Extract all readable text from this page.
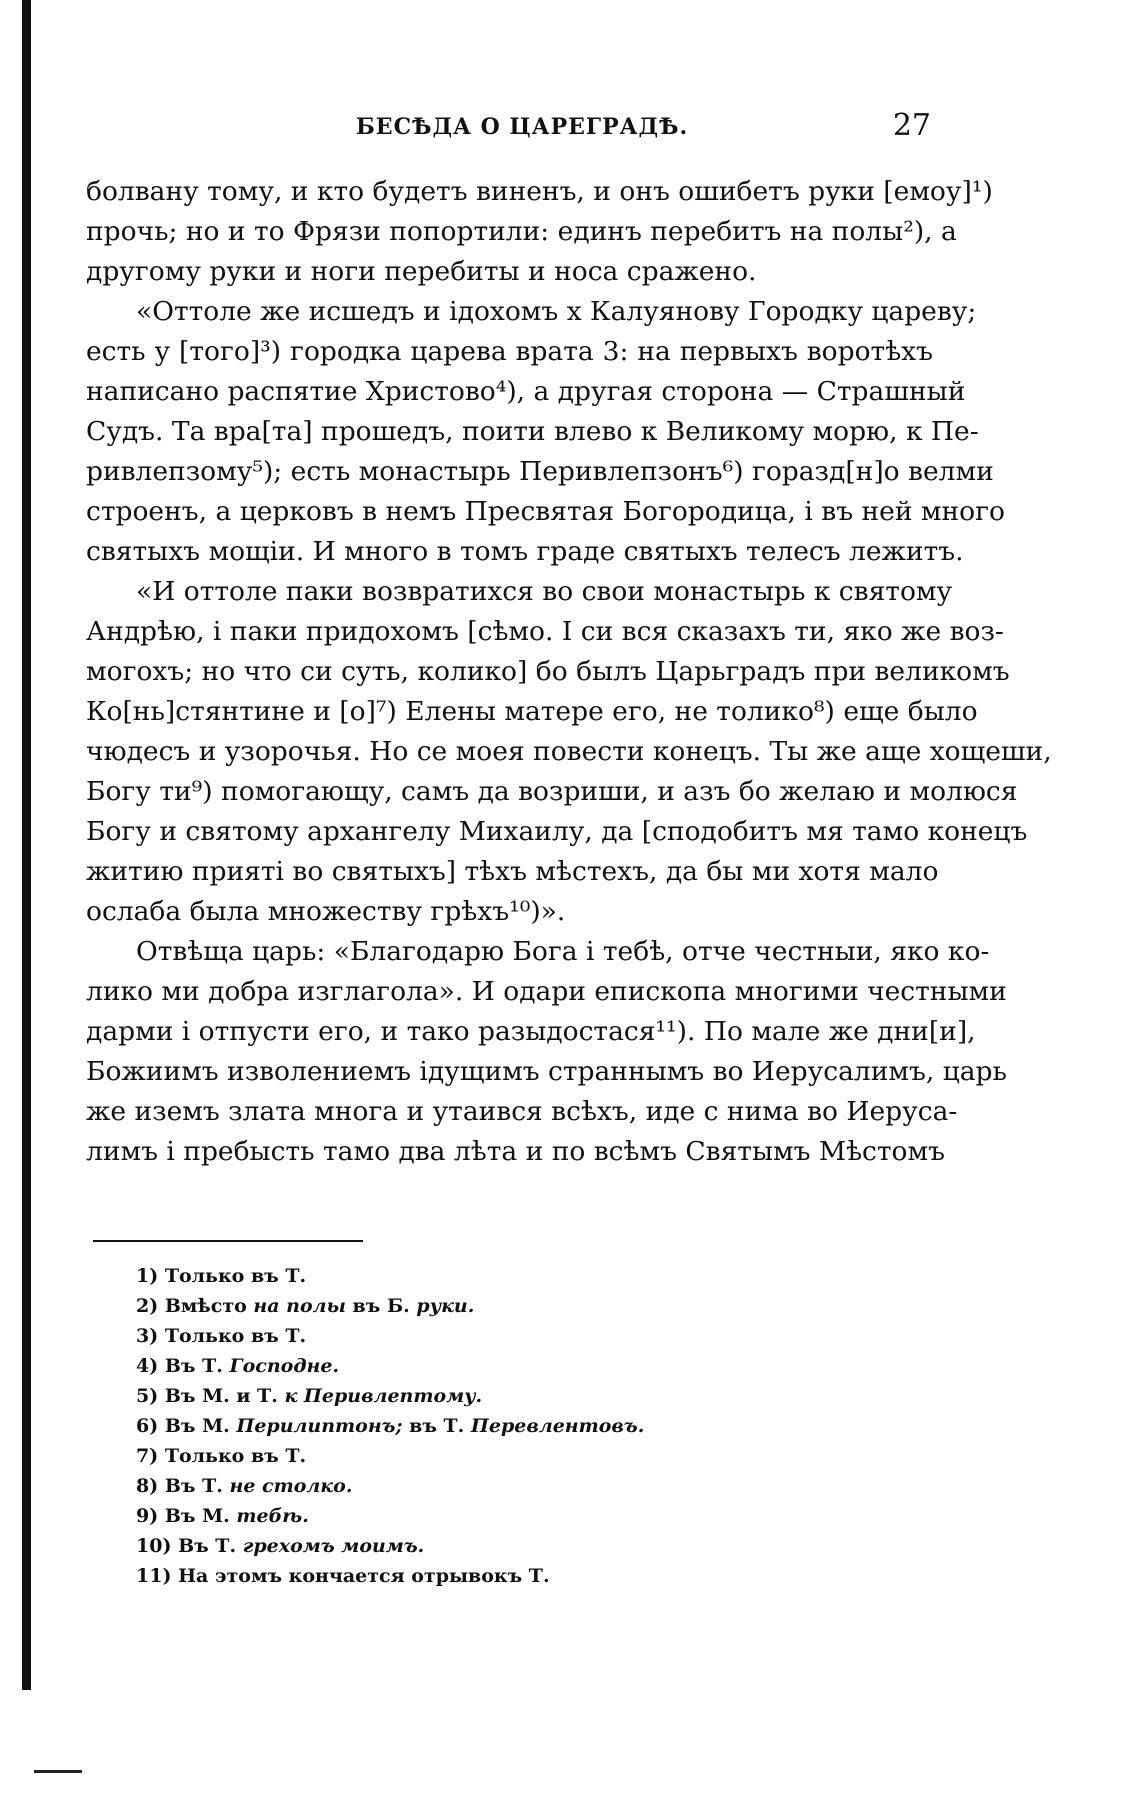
БЕСѢДА О ЦАРЕГРАДѢ.	27
болвану тому, и кто будетъ виненъ, и онъ ошибетъ руки [емоу]¹)
прочь; но и то Фрязи попортили: единъ перебитъ на полы²), а
другому руки и ноги перебиты и носа сражено.
«Оттоле же исшедъ и ідохомъ х Калуянову Городку цареву;
есть у [того]³) городка царева врата 3: на первыхъ воротѣхъ
написано распятие Христово⁴), а другая сторона — Страшный
Судъ. Та вра[та] прошедъ, поити влево к Великому морю, к Пе-
ривлепзому⁵); есть монастырь Перивлепзонъ⁶) горазд[н]о велми
строенъ, а церковъ в немъ Пресвятая Богородица, і въ ней много
святыхъ мощіи. И много в томъ граде святыхъ телесъ лежитъ.
«И оттоле паки возвратихся во свои монастырь к святому
Андрѣю, і паки придохомъ [сѣмо. І си вся сказахъ ти, яко же воз-
могохъ; но что си суть, колико] бо былъ Царьградъ при великомъ
Ко[нь]стянтине и [о]⁷) Елены матере его, не толико⁸) еще было
чюдесъ и узорочья. Но се моея повести конецъ. Ты же аще хощеши,
Богу ти⁹) помогающу, самъ да возриши, и азъ бо желаю и молюся
Богу и святому архангелу Михаилу, да [сподобитъ мя тамо конецъ
житию приятi во святыхъ] тѣхъ мѣстехъ, да бы ми хотя мало
ослаба была множеству грѣхъ¹⁰)».
Отвѣща царь: «Благодарю Бога і тебѣ, отче честныи, яко ко-
лико ми добра изглагола». И одари епископа многими честными
дарми і отпусти его, и тако разыдостася¹¹). По мале же дни[и],
Божиимъ изволениемъ ідущимъ страннымъ во Иерусалимъ, царь
же иземъ злата многа и утаився всѣхъ, иде с нима во Иеруса-
лимъ і пребысть тамо два лѣта и по всѣмъ Святымъ Мѣстомъ
1) Только въ Т.
2) Вмѣсто на полы въ Б. руки.
3) Только въ Т.
4) Въ Т. Господне.
5) Въ М. и Т. к Перивлептому.
6) Въ М. Перилиптонъ; въ Т. Перевлентовъ.
7) Только въ Т.
8) Въ Т. не столко.
9) Въ М. тебѣ.
10) Въ Т. грехомъ моимъ.
11) На этомъ кончается отрывокъ Т.
